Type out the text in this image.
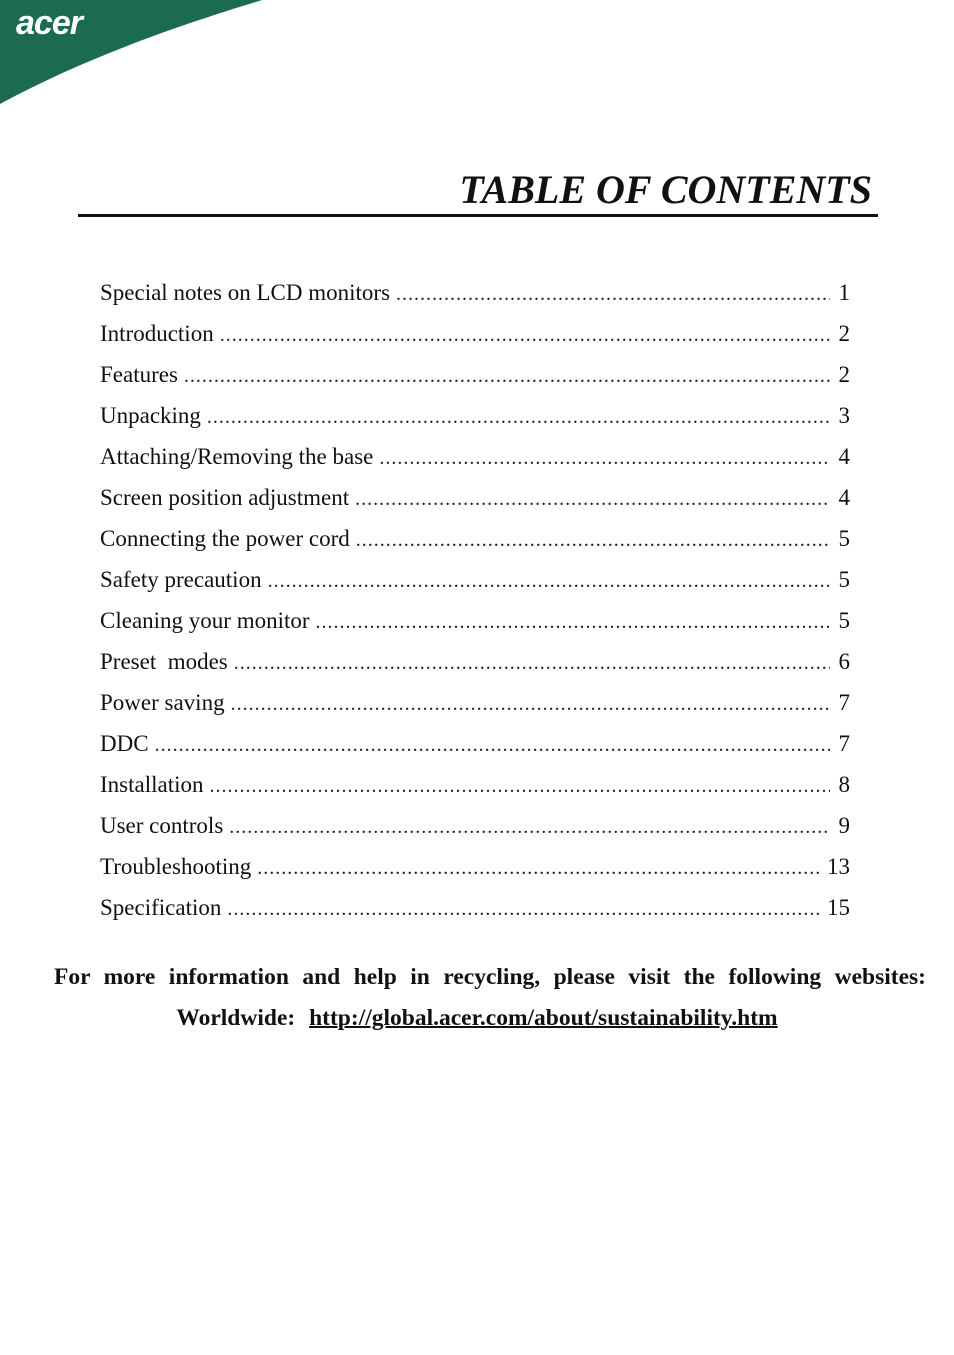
acer
TABLE OF CONTENTS
Special notes on LCD monitors .....	1
Introduction .....	2
Features .....	2
Unpacking .....	3
Attaching/Removing the base .....	4
Screen position adjustment .....	4
Connecting the power cord .....	5
Safety precaution .....	5
Cleaning your monitor .....	5
Preset  modes .....	6
Power saving .....	7
DDC .....	7
Installation .....	8
User controls .....	9
Troubleshooting .....	13
Specification .....	15
For more information and help in recycling, please visit the following websites:
Worldwide: http://global.acer.com/about/sustainability.htm
